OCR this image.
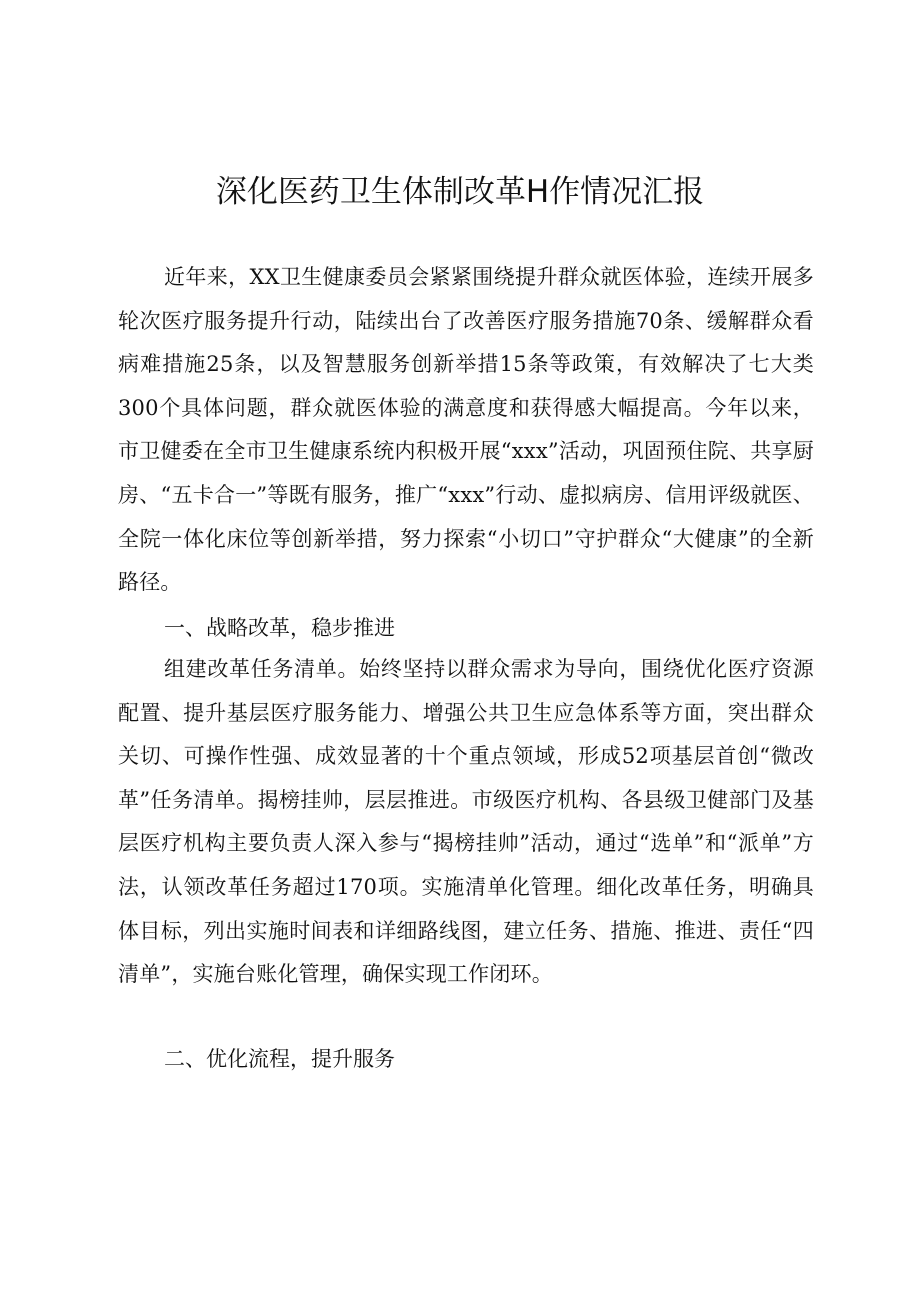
深化医药卫生体制改革H作情况汇报

近年来，XX卫生健康委员会紧紧围绕提升群众就医体验，连续开展多轮次医疗服务提升行动，陆续出台了改善医疗服务措施70条、缓解群众看病难措施25条，以及智慧服务创新举措15条等政策，有效解决了七大类300个具体问题，群众就医体验的满意度和获得感大幅提高。今年以来，市卫健委在全市卫生健康系统内积极开展“xxx”活动，巩固预住院、共享厨房、“五卡合一”等既有服务，推广“xxx”行动、虚拟病房、信用评级就医、全院一体化床位等创新举措，努力探索“小切口”守护群众“大健康”的全新路径。

一、战略改革，稳步推进

组建改革任务清单。始终坚持以群众需求为导向，围绕优化医疗资源配置、提升基层医疗服务能力、增强公共卫生应急体系等方面，突出群众关切、可操作性强、成效显著的十个重点领域，形成52项基层首创“微改革”任务清单。揭榜挂帅，层层推进。市级医疗机构、各县级卫健部门及基层医疗机构主要负责人深入参与“揭榜挂帅”活动，通过“选单”和“派单”方法，认领改革任务超过170项。实施清单化管理。细化改革任务，明确具体目标，列出实施时间表和详细路线图，建立任务、措施、推进、责任“四清单”，实施台账化管理，确保实现工作闭环。

二、优化流程，提升服务
